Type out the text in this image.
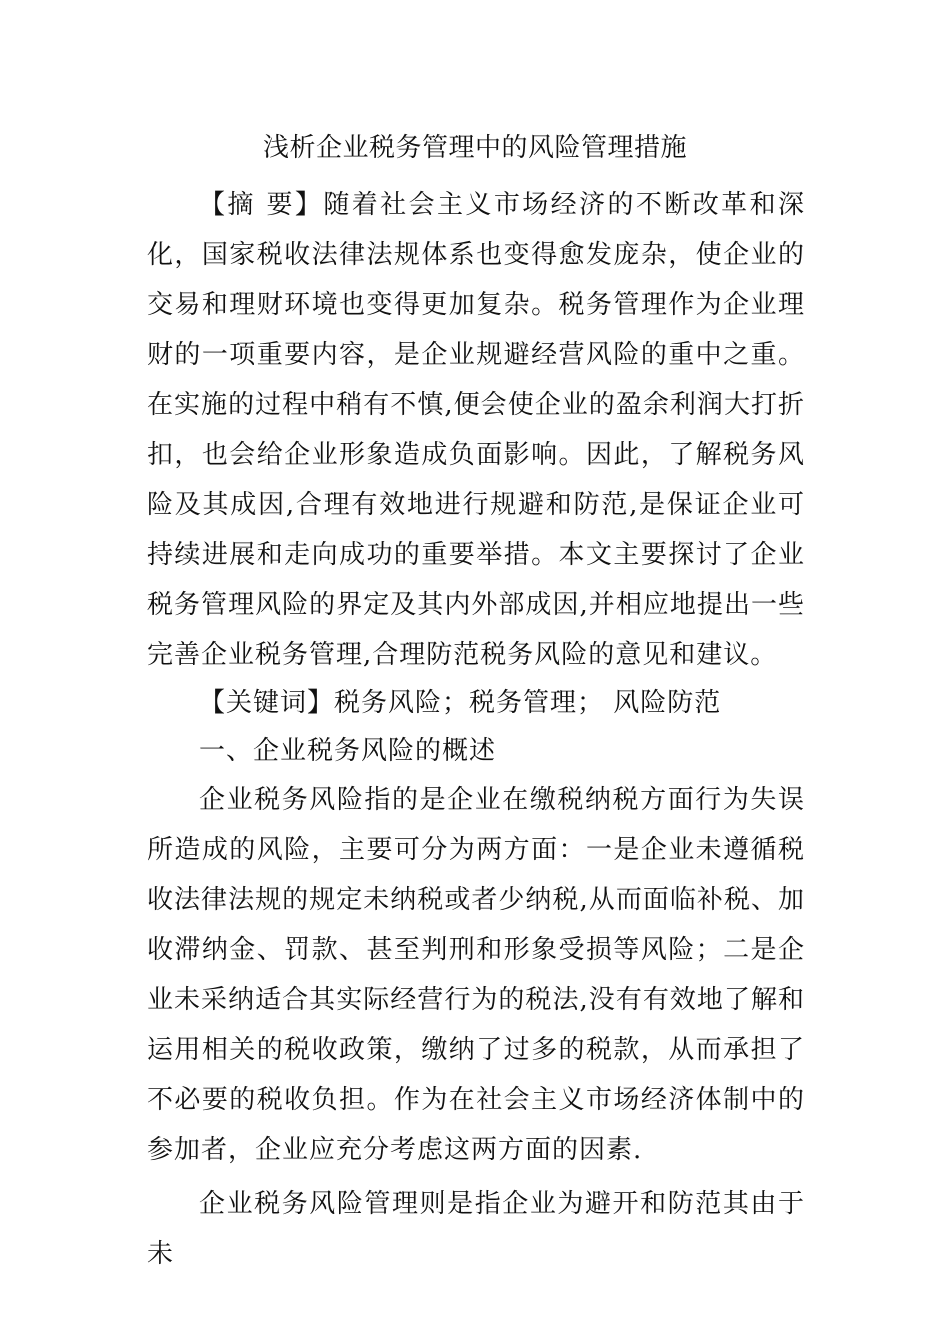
浅析企业税务管理中的风险管理措施

【摘 要】随着社会主义市场经济的不断改革和深化，国家税收法律法规体系也变得愈发庞杂，使企业的交易和理财环境也变得更加复杂。税务管理作为企业理财的一项重要内容，是企业规避经营风险的重中之重。在实施的过程中稍有不慎,便会使企业的盈余利润大打折扣，也会给企业形象造成负面影响。因此，了解税务风险及其成因,合理有效地进行规避和防范,是保证企业可持续进展和走向成功的重要举措。本文主要探讨了企业税务管理风险的界定及其内外部成因,并相应地提出一些完善企业税务管理,合理防范税务风险的意见和建议。

【关键词】税务风险；税务管理； 风险防范

一、企业税务风险的概述

企业税务风险指的是企业在缴税纳税方面行为失误所造成的风险，主要可分为两方面：一是企业未遵循税收法律法规的规定未纳税或者少纳税,从而面临补税、加收滞纳金、罚款、甚至判刑和形象受损等风险；二是企业未采纳适合其实际经营行为的税法,没有有效地了解和运用相关的税收政策，缴纳了过多的税款，从而承担了不必要的税收负担。作为在社会主义市场经济体制中的参加者，企业应充分考虑这两方面的因素.

企业税务风险管理则是指企业为避开和防范其由于未
